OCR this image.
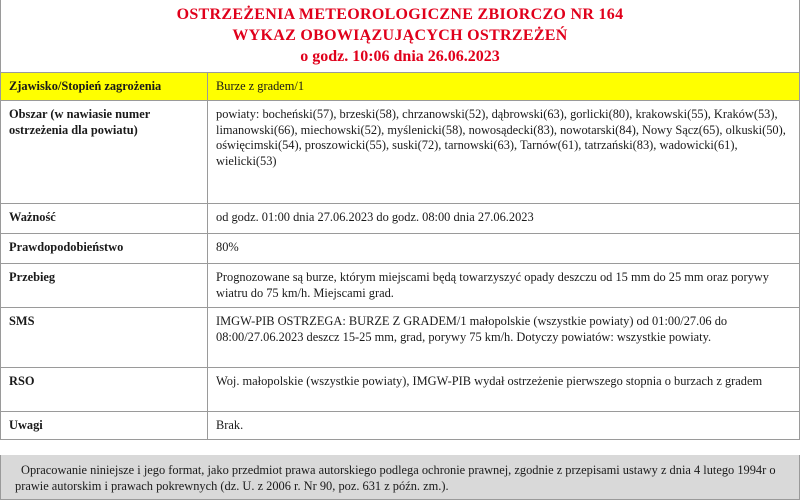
OSTRZEŻENIA METEOROLOGICZNE ZBIORCZO NR 164
WYKAZ OBOWIĄZUJĄCYCH OSTRZEŻEŃ
o godz. 10:06 dnia 26.06.2023
Zjawisko/Stopień zagrożenia	Burze z gradem/1
Obszar (w nawiasie numer ostrzeżenia dla powiatu)	powiaty: bocheński(57), brzeski(58), chrzanowski(52), dąbrowski(63), gorlicki(80), krakowski(55), Kraków(53), limanowski(66), miechowski(52), myślenicki(58), nowosądecki(83), nowotarski(84), Nowy Sącz(65), olkuski(50), oświęcimski(54), proszowicki(55), suski(72), tarnowski(63), Tarnów(61), tatrzański(83), wadowicki(61), wielicki(53)
Ważność	od godz. 01:00 dnia 27.06.2023 do godz. 08:00 dnia 27.06.2023
Prawdopodobieństwo	80%
Przebieg	Prognozowane są burze, którym miejscami będą towarzyszyć opady deszczu od 15 mm do 25 mm oraz porywy wiatru do 75 km/h. Miejscami grad.
SMS	IMGW-PIB OSTRZEGA: BURZE Z GRADEM/1 małopolskie (wszystkie powiaty) od 01:00/27.06 do 08:00/27.06.2023 deszcz 15-25 mm, grad, porywy 75 km/h. Dotyczy powiatów: wszystkie powiaty.
RSO	Woj. małopolskie (wszystkie powiaty), IMGW-PIB wydał ostrzeżenie pierwszego stopnia o burzach z gradem
Uwagi	Brak.
Opracowanie niniejsze i jego format, jako przedmiot prawa autorskiego podlega ochronie prawnej, zgodnie z przepisami ustawy z dnia 4 lutego 1994r o prawie autorskim i prawach pokrewnych (dz. U. z 2006 r. Nr 90, poz. 631 z późn. zm.).
